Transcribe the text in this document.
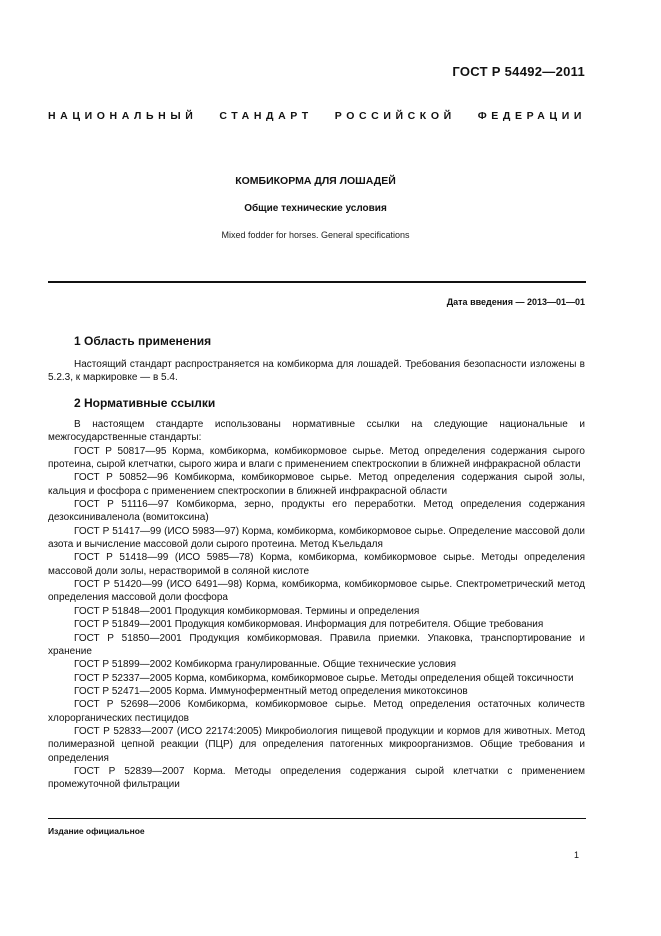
ГОСТ Р 54492—2011
НАЦИОНАЛЬНЫЙ СТАНДАРТ РОССИЙСКОЙ ФЕДЕРАЦИИ
КОМБИКОРМА ДЛЯ ЛОШАДЕЙ
Общие технические условия
Mixed fodder for horses. General specifications
Дата введения — 2013—01—01
1 Область применения
Настоящий стандарт распространяется на комбикорма для лошадей. Требования безопасности изложены в 5.2.3, к маркировке — в 5.4.
2 Нормативные ссылки

В настоящем стандарте использованы нормативные ссылки на следующие национальные и межгосударственные стандарты:

ГОСТ Р 50817—95 Корма, комбикорма, комбикормовое сырье. Метод определения содержания сырого протеина, сырой клетчатки, сырого жира и влаги с применением спектроскопии в ближней инфракрасной области

ГОСТ Р 50852—96 Комбикорма, комбикормовое сырье. Метод определения содержания сырой золы, кальция и фосфора с применением спектроскопии в ближней инфракрасной области

ГОСТ Р 51116—97 Комбикорма, зерно, продукты его переработки. Метод определения содержания дезоксиниваленола (вомитоксина)

ГОСТ Р 51417—99 (ИСО 5983—97) Корма, комбикорма, комбикормовое сырье. Определение массовой доли азота и вычисление массовой доли сырого протеина. Метод Къельдаля

ГОСТ Р 51418—99 (ИСО 5985—78) Корма, комбикорма, комбикормовое сырье. Методы определения массовой доли золы, нерастворимой в соляной кислоте

ГОСТ Р 51420—99 (ИСО 6491—98) Корма, комбикорма, комбикормовое сырье. Спектрометрический метод определения массовой доли фосфора

ГОСТ Р 51848—2001 Продукция комбикормовая. Термины и определения

ГОСТ Р 51849—2001 Продукция комбикормовая. Информация для потребителя. Общие требования

ГОСТ Р 51850—2001 Продукция комбикормовая. Правила приемки. Упаковка, транспортирование и хранение

ГОСТ Р 51899—2002 Комбикорма гранулированные. Общие технические условия

ГОСТ Р 52337—2005 Корма, комбикорма, комбикормовое сырье. Методы определения общей токсичности

ГОСТ Р 52471—2005 Корма. Иммуноферментный метод определения микотоксинов

ГОСТ Р 52698—2006 Комбикорма, комбикормовое сырье. Метод определения остаточных количеств хлорорганических пестицидов

ГОСТ Р 52833—2007 (ИСО 22174:2005) Микробиология пищевой продукции и кормов для животных. Метод полимеразной цепной реакции (ПЦР) для определения патогенных микроорганизмов. Общие требования и определения

ГОСТ Р 52839—2007 Корма. Методы определения содержания сырой клетчатки с применением промежуточной фильтрации

Издание официальное
1
